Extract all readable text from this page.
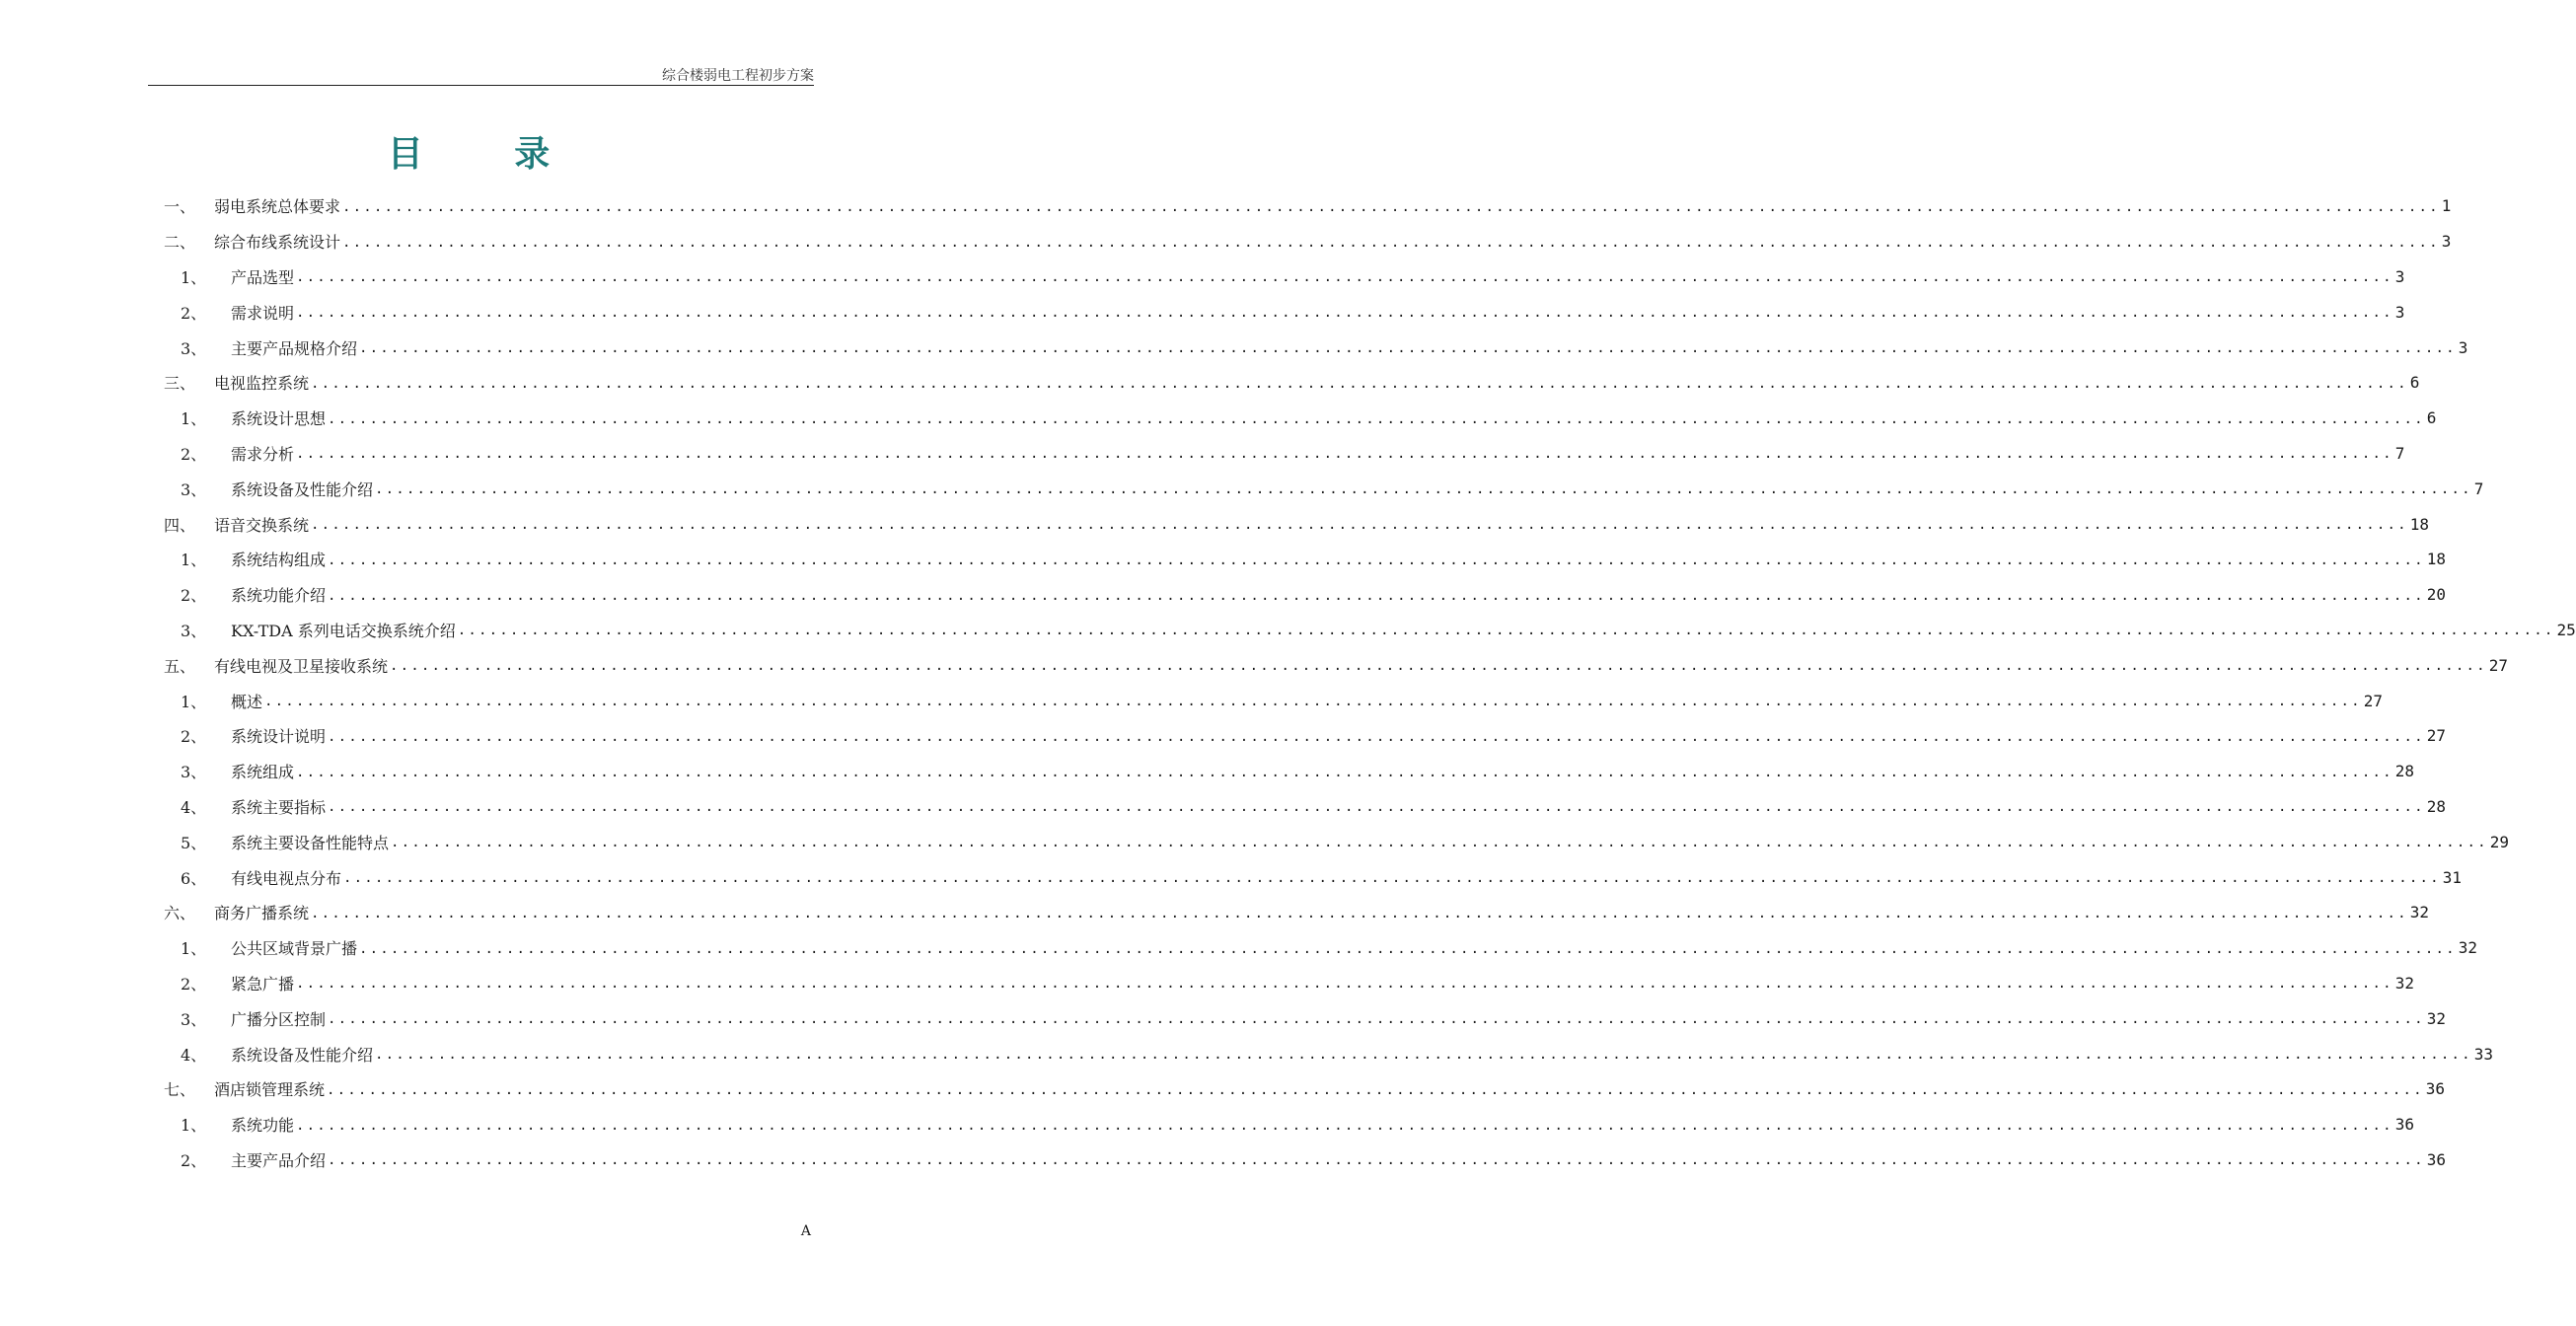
综合楼弱电工程初步方案
目 录
一、	弱电系统总体要求 ........................................................................................................................................................................................................ 1
二、	综合布线系统设计 ........................................................................................................................................................................................................ 3
1、	产品选型 ........................................................................................................................................................................................................ 3
2、	需求说明 ........................................................................................................................................................................................................ 3
3、	主要产品规格介绍 ........................................................................................................................................................................................................ 3
三、	电视监控系统 ........................................................................................................................................................................................................ 6
1、	系统设计思想 ........................................................................................................................................................................................................ 6
2、	需求分析 ........................................................................................................................................................................................................ 7
3、	系统设备及性能介绍 ........................................................................................................................................................................................................ 7
四、	语音交换系统 ........................................................................................................................................................................................................ 18
1、	系统结构组成 ........................................................................................................................................................................................................ 18
2、	系统功能介绍 ........................................................................................................................................................................................................ 20
3、	KX-TDA 系列电话交换系统介绍 ........................................................................................................................................................................................................ 25
五、	有线电视及卫星接收系统 ........................................................................................................................................................................................................ 27
1、	概述 ........................................................................................................................................................................................................ 27
2、	系统设计说明 ........................................................................................................................................................................................................ 27
3、	系统组成 ........................................................................................................................................................................................................ 28
4、	系统主要指标 ........................................................................................................................................................................................................ 28
5、	系统主要设备性能特点 ........................................................................................................................................................................................................ 29
6、	有线电视点分布 ........................................................................................................................................................................................................ 31
六、	商务广播系统 ........................................................................................................................................................................................................ 32
1、	公共区域背景广播 ........................................................................................................................................................................................................ 32
2、	紧急广播 ........................................................................................................................................................................................................ 32
3、	广播分区控制 ........................................................................................................................................................................................................ 32
4、	系统设备及性能介绍 ........................................................................................................................................................................................................ 33
七、	酒店锁管理系统 ........................................................................................................................................................................................................ 36
1、	系统功能 ........................................................................................................................................................................................................ 36
2、	主要产品介绍 ........................................................................................................................................................................................................ 36
A
